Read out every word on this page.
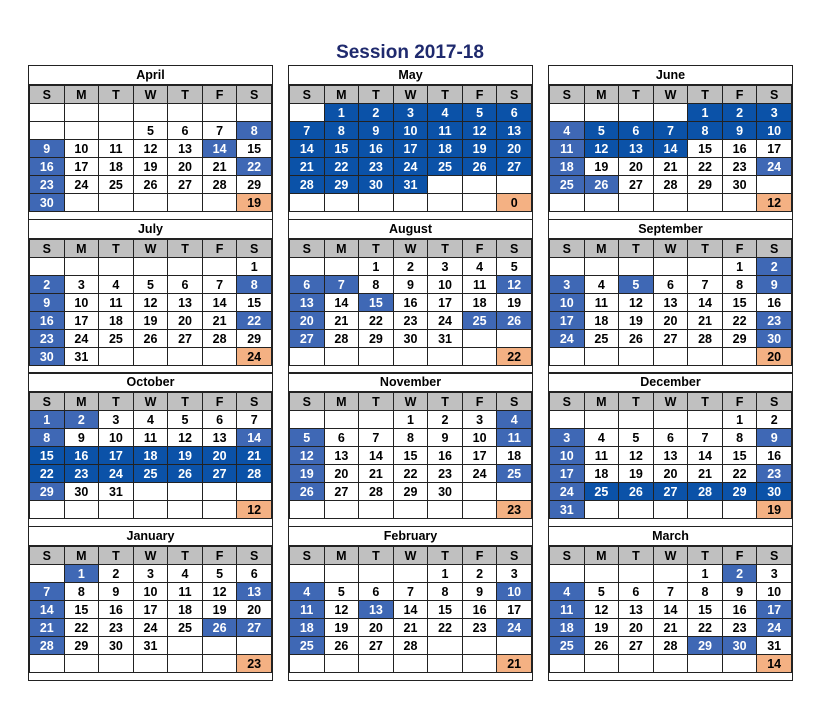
Session 2017-18
April
S	M	T	W	T	F	S

			5	6	7	8
9	10	11	12	13	14	15
16	17	18	19	20	21	22
23	24	25	26	27	28	29
30						19
May
S	M	T	W	T	F	S
	1	2	3	4	5	6
7	8	9	10	11	12	13
14	15	16	17	18	19	20
21	22	23	24	25	26	27
28	29	30	31			
						0
June
S	M	T	W	T	F	S
				1	2	3
4	5	6	7	8	9	10
11	12	13	14	15	16	17
18	19	20	21	22	23	24
25	26	27	28	29	30	
						12
July
S	M	T	W	T	F	S
						1
2	3	4	5	6	7	8
9	10	11	12	13	14	15
16	17	18	19	20	21	22
23	24	25	26	27	28	29
30	31					24
August
S	M	T	W	T	F	S
		1	2	3	4	5
6	7	8	9	10	11	12
13	14	15	16	17	18	19
20	21	22	23	24	25	26
27	28	29	30	31		
						22
September
S	M	T	W	T	F	S
					1	2
3	4	5	6	7	8	9
10	11	12	13	14	15	16
17	18	19	20	21	22	23
24	25	26	27	28	29	30
						20
October
S	M	T	W	T	F	S
1	2	3	4	5	6	7
8	9	10	11	12	13	14
15	16	17	18	19	20	21
22	23	24	25	26	27	28
29	30	31				
						12
November
S	M	T	W	T	F	S
			1	2	3	4
5	6	7	8	9	10	11
12	13	14	15	16	17	18
19	20	21	22	23	24	25
26	27	28	29	30		
						23
December
S	M	T	W	T	F	S
					1	2
3	4	5	6	7	8	9
10	11	12	13	14	15	16
17	18	19	20	21	22	23
24	25	26	27	28	29	30
31						19
January
S	M	T	W	T	F	S
	1	2	3	4	5	6
7	8	9	10	11	12	13
14	15	16	17	18	19	20
21	22	23	24	25	26	27
28	29	30	31			
						23
February
S	M	T	W	T	F	S
				1	2	3
4	5	6	7	8	9	10
11	12	13	14	15	16	17
18	19	20	21	22	23	24
25	26	27	28			
						21
March
S	M	T	W	T	F	S
				1	2	3
4	5	6	7	8	9	10
11	12	13	14	15	16	17
18	19	20	21	22	23	24
25	26	27	28	29	30	31
						14
